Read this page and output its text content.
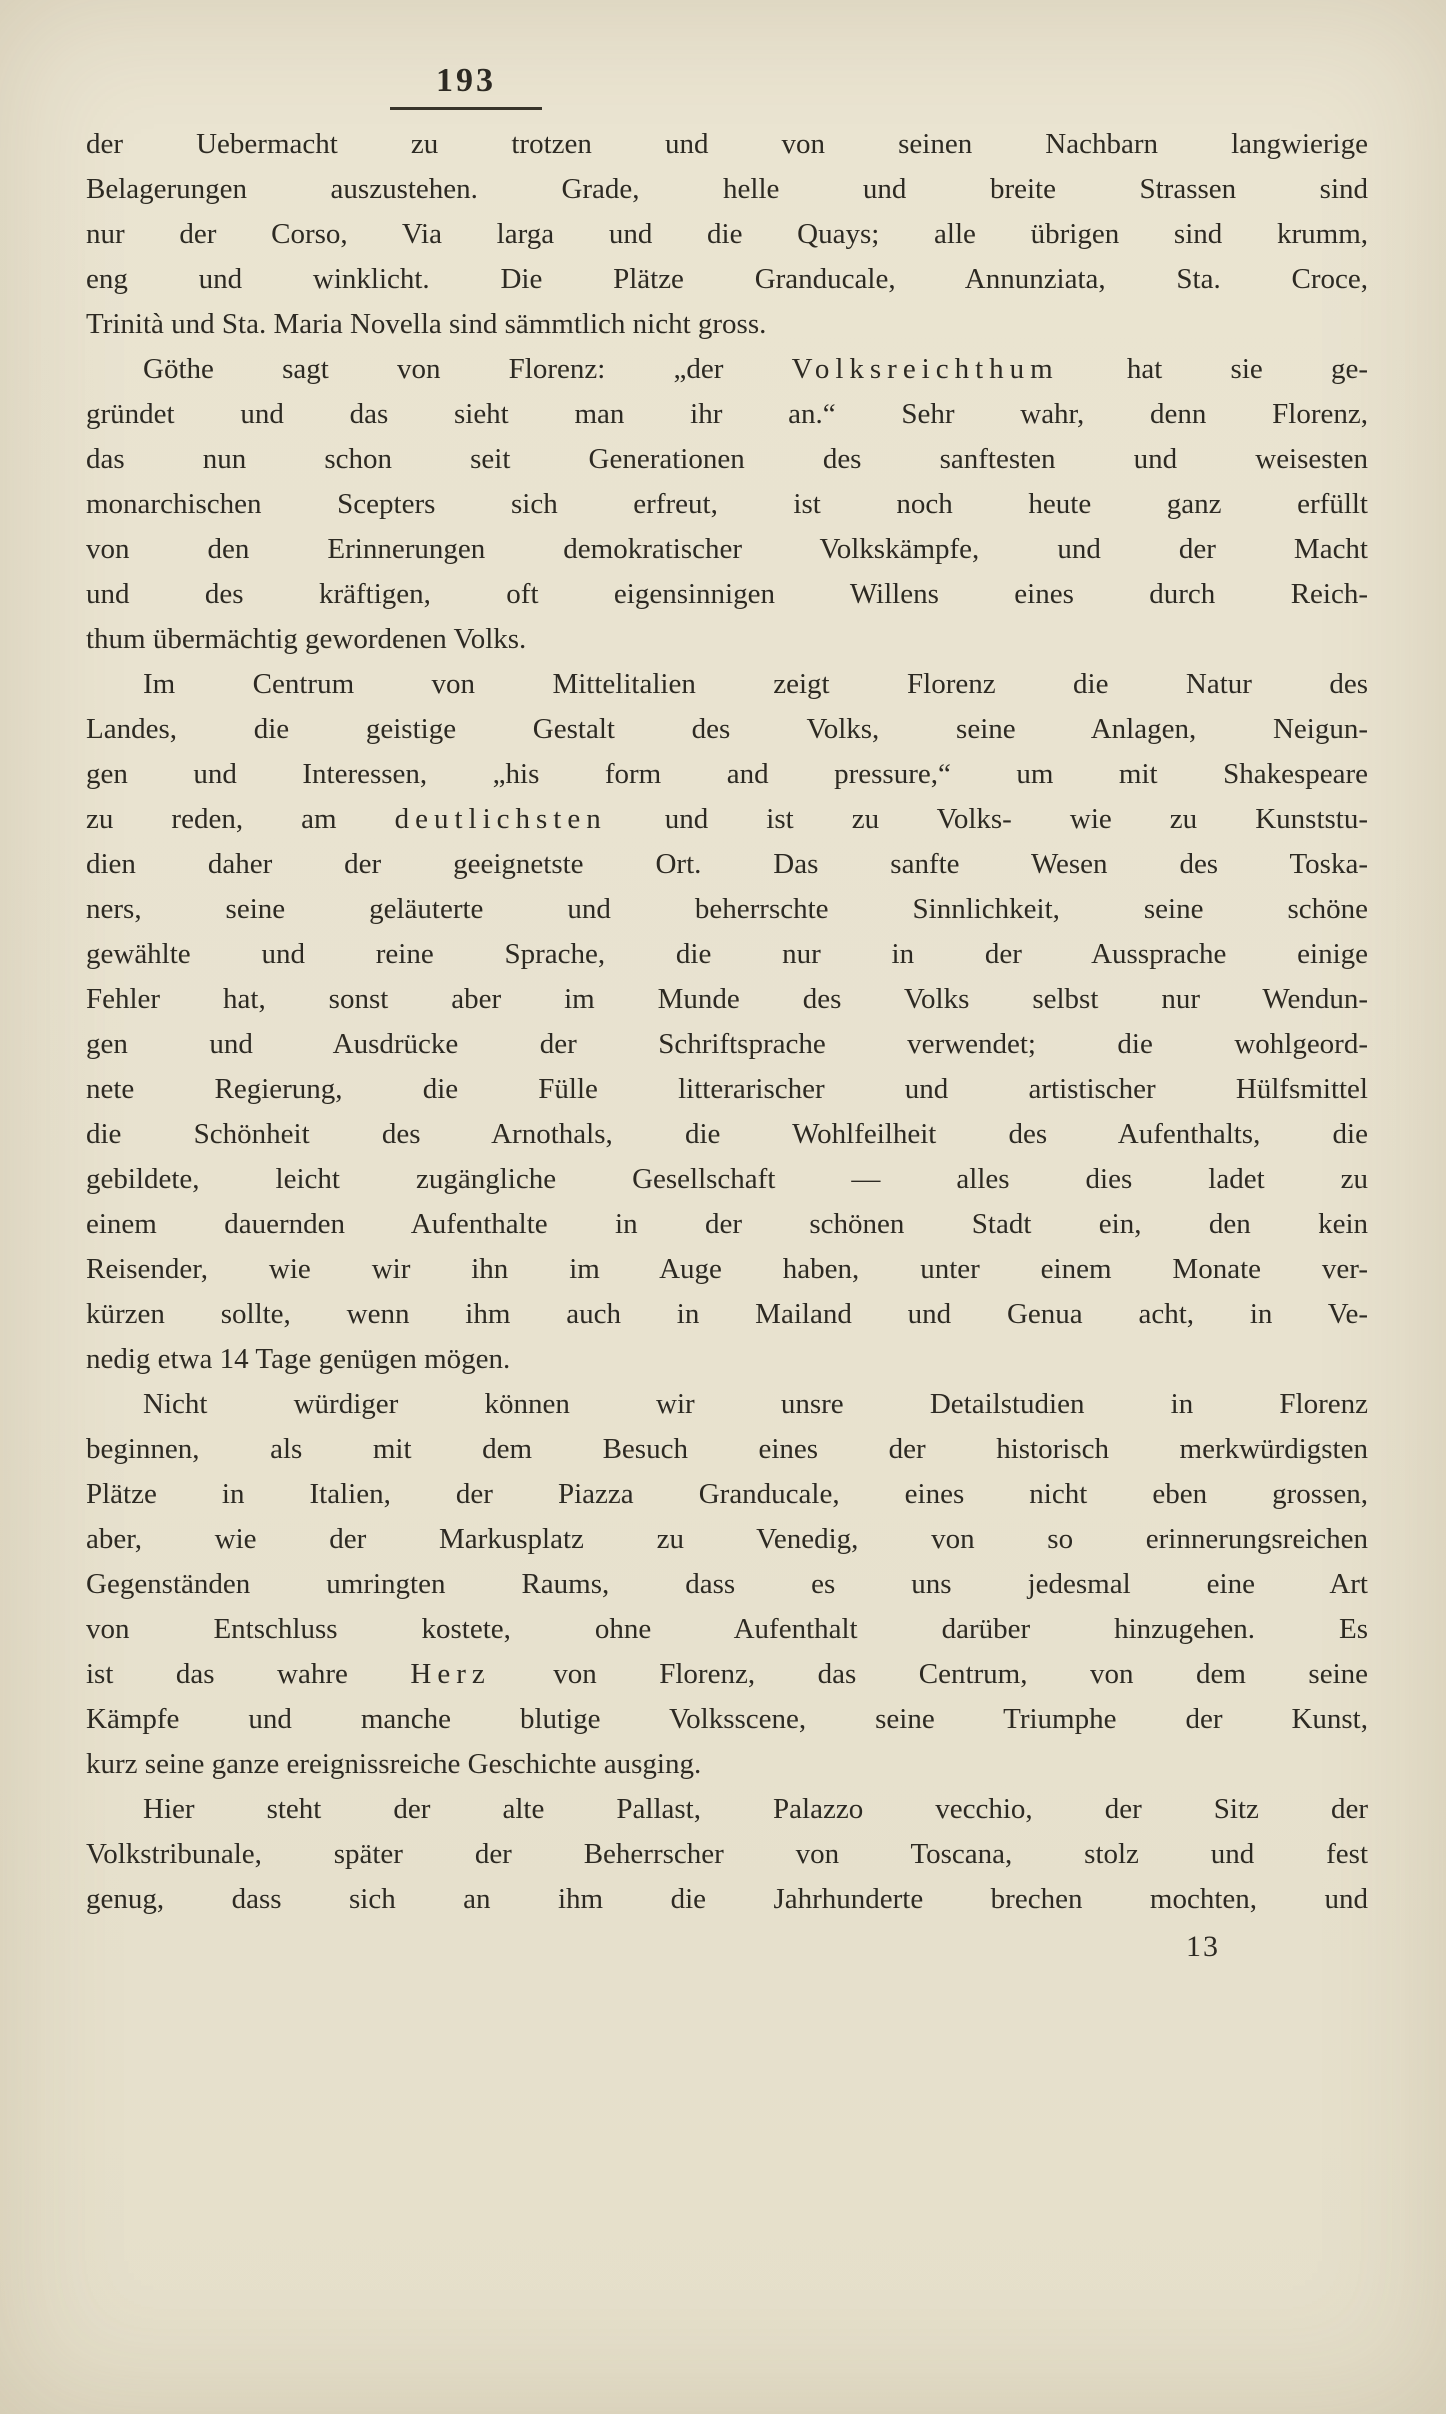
193
der Uebermacht zu trotzen und von seinen Nachbarn langwierige
Belagerungen auszustehen. Grade, helle und breite Strassen sind
nur der Corso, Via larga und die Quays; alle übrigen sind krumm,
eng und winklicht. Die Plätze Granducale, Annunziata, Sta. Croce,
Trinità und Sta. Maria Novella sind sämmtlich nicht gross.
Göthe sagt von Florenz: „der Volksreichthum hat sie ge-
gründet und das sieht man ihr an.“ Sehr wahr, denn Florenz,
das nun schon seit Generationen des sanftesten und weisesten
monarchischen Scepters sich erfreut, ist noch heute ganz erfüllt
von den Erinnerungen demokratischer Volkskämpfe, und der Macht
und des kräftigen, oft eigensinnigen Willens eines durch Reich-
thum übermächtig gewordenen Volks.
Im Centrum von Mittelitalien zeigt Florenz die Natur des
Landes, die geistige Gestalt des Volks, seine Anlagen, Neigun-
gen und Interessen, „his form and pressure,“ um mit Shakespeare
zu reden, am deutlichsten und ist zu Volks- wie zu Kunststu-
dien daher der geeignetste Ort. Das sanfte Wesen des Toska-
ners, seine geläuterte und beherrschte Sinnlichkeit, seine schöne
gewählte und reine Sprache, die nur in der Aussprache einige
Fehler hat, sonst aber im Munde des Volks selbst nur Wendun-
gen und Ausdrücke der Schriftsprache verwendet; die wohlgeord-
nete Regierung, die Fülle litterarischer und artistischer Hülfsmittel
die Schönheit des Arnothals, die Wohlfeilheit des Aufenthalts, die
gebildete, leicht zugängliche Gesellschaft — alles dies ladet zu
einem dauernden Aufenthalte in der schönen Stadt ein, den kein
Reisender, wie wir ihn im Auge haben, unter einem Monate ver-
kürzen sollte, wenn ihm auch in Mailand und Genua acht, in Ve-
nedig etwa 14 Tage genügen mögen.
Nicht würdiger können wir unsre Detailstudien in Florenz
beginnen, als mit dem Besuch eines der historisch merkwürdigsten
Plätze in Italien, der Piazza Granducale, eines nicht eben grossen,
aber, wie der Markusplatz zu Venedig, von so erinnerungsreichen
Gegenständen umringten Raums, dass es uns jedesmal eine Art
von Entschluss kostete, ohne Aufenthalt darüber hinzugehen. Es
ist das wahre Herz von Florenz, das Centrum, von dem seine
Kämpfe und manche blutige Volksscene, seine Triumphe der Kunst,
kurz seine ganze ereignissreiche Geschichte ausging.
Hier steht der alte Pallast, Palazzo vecchio, der Sitz der
Volkstribunale, später der Beherrscher von Toscana, stolz und fest
genug, dass sich an ihm die Jahrhunderte brechen mochten, und
13
